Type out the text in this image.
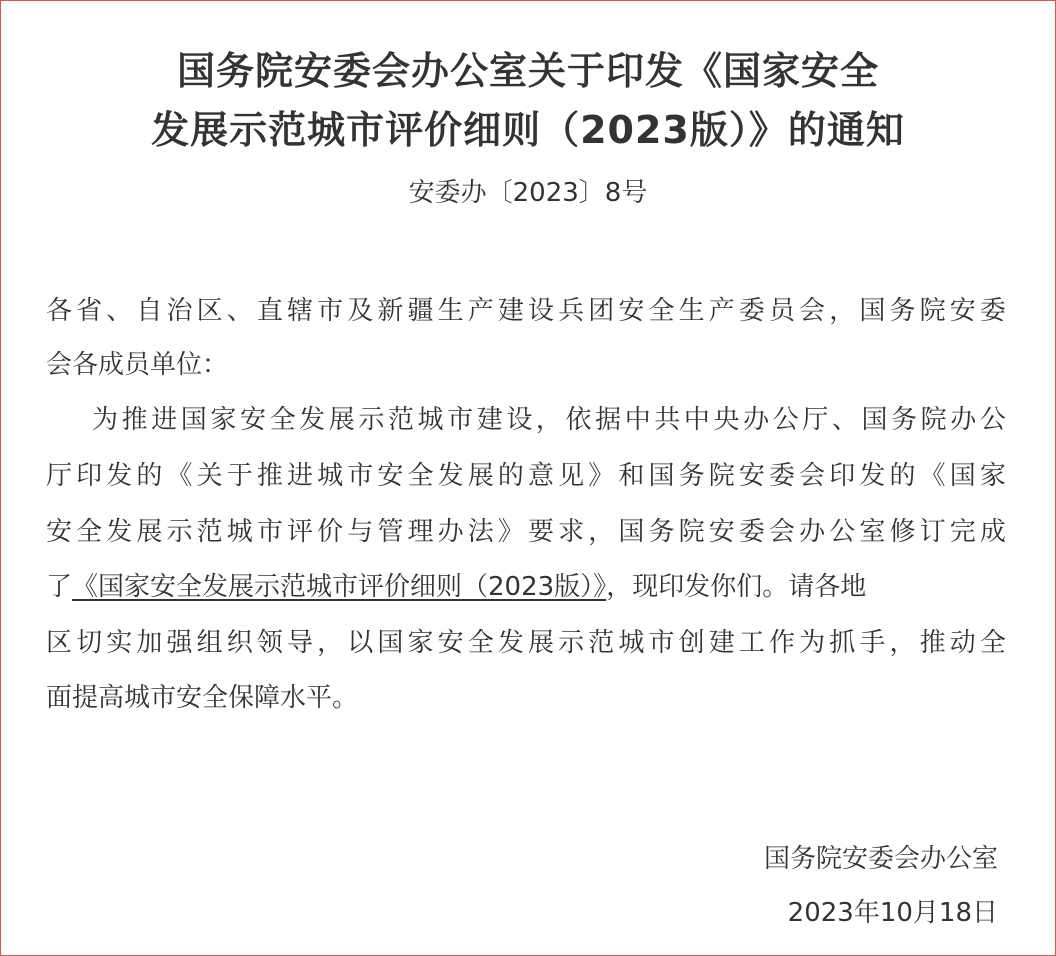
国务院安委会办公室关于印发《国家安全
发展示范城市评价细则（2023版）》的通知
安委办〔2023〕8号
各 省 、 自 治 区 、 直 辖 市 及 新 疆 生 产 建 设 兵 团 安 全 生 产 委 员 会 ， 国 务 院 安 委
会各成员单位：
为 推 进 国 家 安 全 发 展 示 范 城 市 建 设 ， 依 据 中 共 中 央 办 公 厅 、 国 务 院 办 公
厅 印 发 的 《 关 于 推 进 城 市 安 全 发 展 的 意 见 》 和 国 务 院 安 委 会 印 发 的 《 国 家
安 全 发 展 示 范 城 市 评 价 与 管 理 办 法 》 要 求 ， 国 务 院 安 委 会 办 公 室 修 订 完 成
了《国家安全发展示范城市评价细则（2023版）》，现印发你们。请各地
区 切 实 加 强 组 织 领 导 ， 以 国 家 安 全 发 展 示 范 城 市 创 建 工 作 为 抓 手 ， 推 动 全
面提高城市安全保障水平。
国务院安委会办公室
2023年10月18日
